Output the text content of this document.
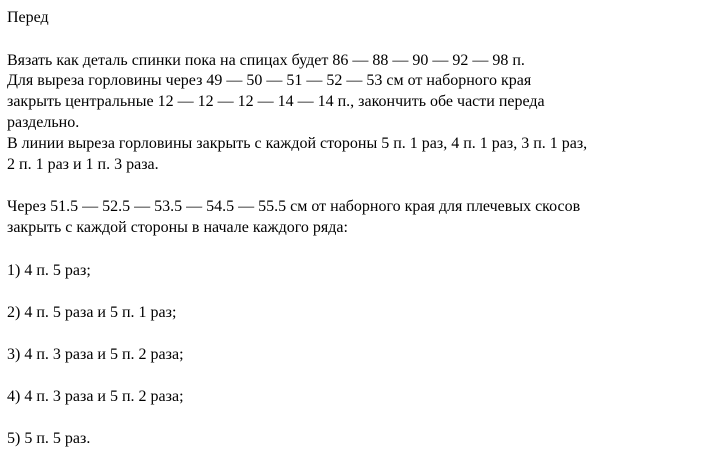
Перед
Вязать как деталь спинки пока на спицах будет 86 — 88 — 90 — 92 — 98 п.
Для выреза горловины через 49 — 50 — 51 — 52 — 53 см от наборного края
закрыть центральные 12 — 12 — 12 — 14 — 14 п., закончить обе части переда
раздельно.
В линии выреза горловины закрыть с каждой стороны 5 п. 1 раз, 4 п. 1 раз, 3 п. 1 раз,
2 п. 1 раз и 1 п. 3 раза.
Через 51.5 — 52.5 — 53.5 — 54.5 — 55.5 см от наборного края для плечевых скосов
закрыть с каждой стороны в начале каждого ряда:
1) 4 п. 5 раз;
2) 4 п. 5 раза и 5 п. 1 раз;
3) 4 п. 3 раза и 5 п. 2 раза;
4) 4 п. 3 раза и 5 п. 2 раза;
5) 5 п. 5 раз.
